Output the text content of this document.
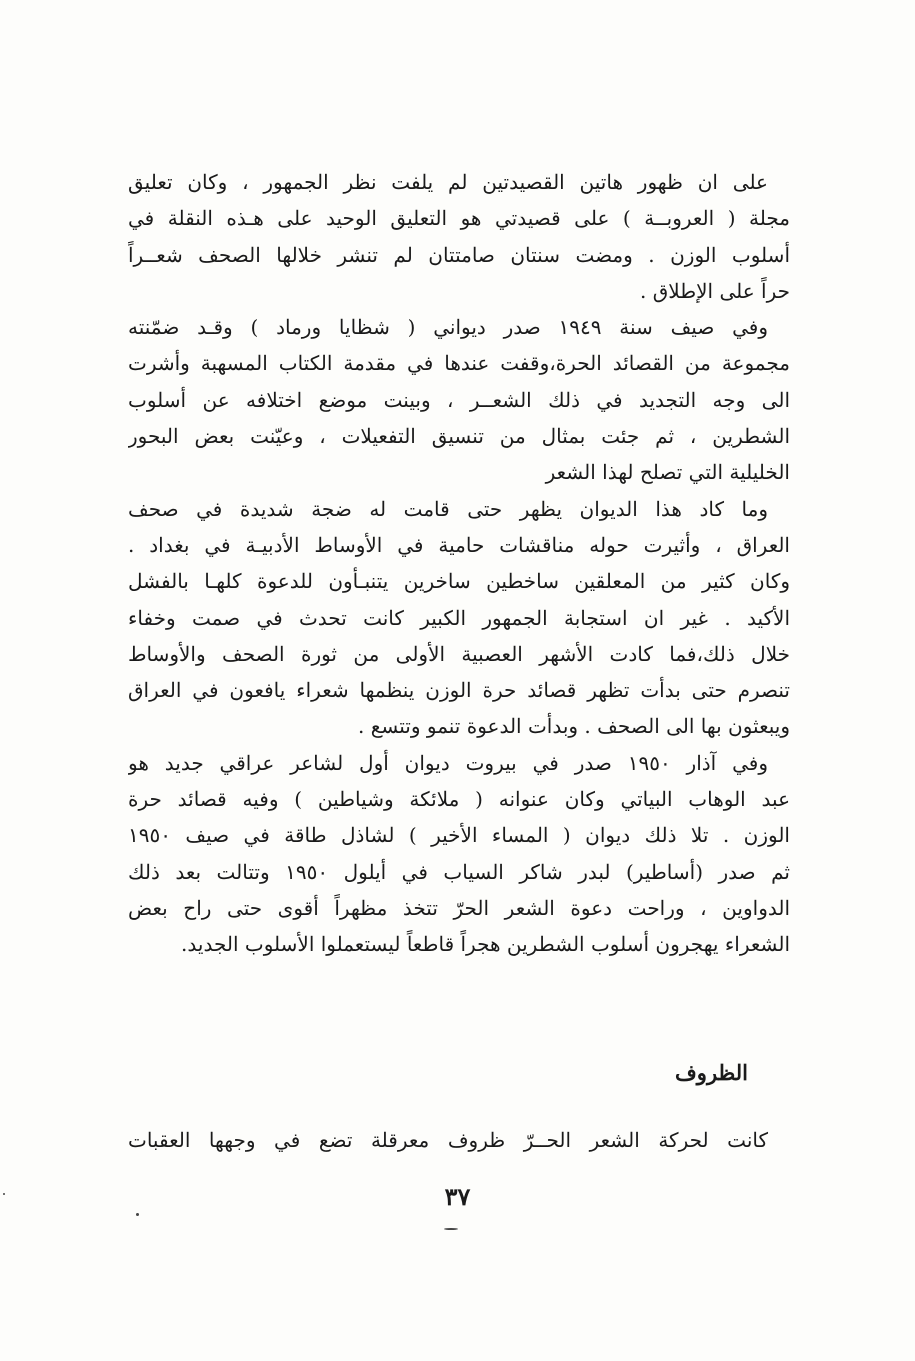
على ان ظهور هاتين القصيدتين لم يلفت نظر الجمهور ، وكان تعليق
مجلة ( العروبــة ) على قصيدتي هو التعليق الوحيد على هـذه النقلة في
أسلوب الوزن . ومضت سنتان صامتتان لم تنشر خلالها الصحف شعــراً
حراً على الإطلاق .

وفي صيف سنة ١٩٤٩ صدر ديواني ( شظايا ورماد ) وقـد ضمّنته
مجموعة من القصائد الحرة،وقفت عندها في مقدمة الكتاب المسهبة وأشرت
الى وجه التجديد في ذلك الشعــر ، وبينت موضع اختلافه عن أسلوب
الشطرين ، ثم جئت بمثال من تنسيق التفعيلات ، وعيّنت بعض البحور
الخليلية التي تصلح لهذا الشعر

وما كاد هذا الديوان يظهر حتى قامت له ضجة شديدة في صحف
العراق ، وأثيرت حوله مناقشات حامية في الأوساط الأدبيـة في بغداد .
وكان كثير من المعلقين ساخطين ساخرين يتنبـأون للدعوة كلهـا بالفشل
الأكيد . غير ان استجابة الجمهور الكبير كانت تحدث في صمت وخفاء
خلال ذلك،فما كادت الأشهر العصبية الأولى من ثورة الصحف والأوساط
تنصرم حتى بدأت تظهر قصائد حرة الوزن ينظمها شعراء يافعون في العراق
ويبعثون بها الى الصحف . وبدأت الدعوة تنمو وتتسع .

وفي آذار ١٩٥٠ صدر في بيروت ديوان أول لشاعر عراقي جديد هو
عبد الوهاب البياتي وكان عنوانه ( ملائكة وشياطين ) وفيه قصائد حرة
الوزن . تلا ذلك ديوان ( المساء الأخير ) لشاذل طاقة في صيف ١٩٥٠
ثم صدر (أساطير) لبدر شاكر السياب في أيلول ١٩٥٠ وتتالت بعد ذلك
الدواوين ، وراحت دعوة الشعر الحرّ تتخذ مظهراً أقوى حتى راح بعض
الشعراء يهجرون أسلوب الشطرين هجراً قاطعاً ليستعملوا الأسلوب الجديد.

الظروف
كانت لحركة الشعر الحــرّ ظروف معرقلة تضع في وجهها العقبات
٣٧
